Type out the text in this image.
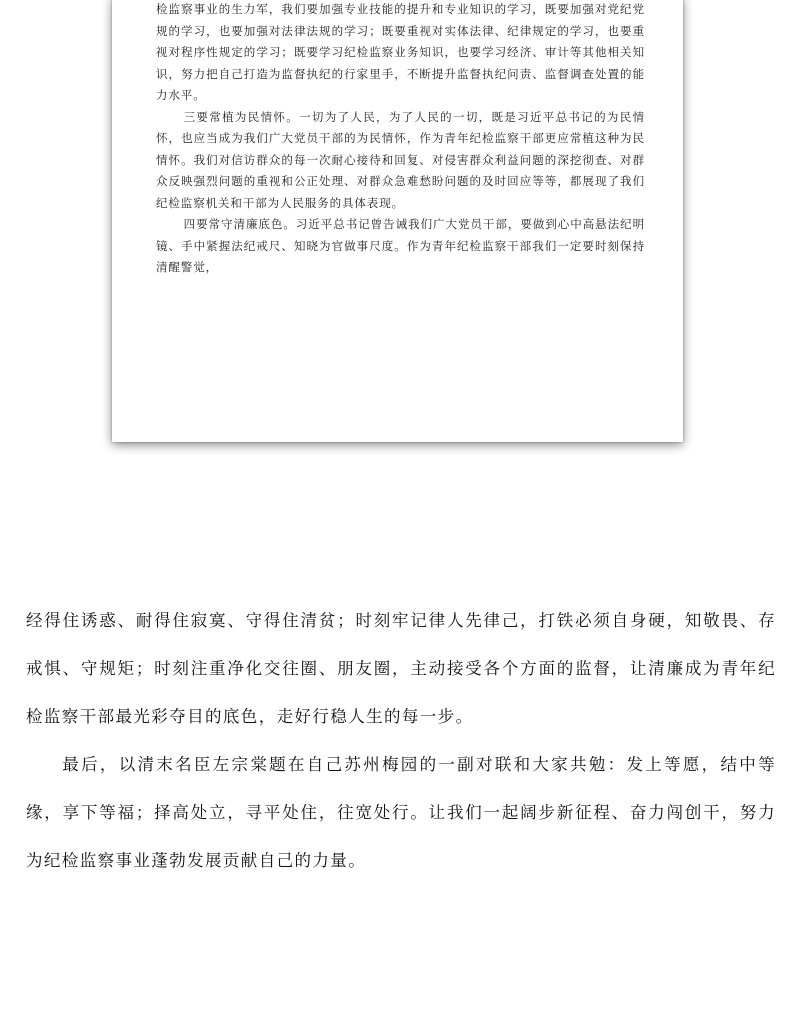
检监察事业的生力军，我们要加强专业技能的提升和专业知识的学习，既要加强对党纪党规的学习，也要加强对法律法规的学习；既要重视对实体法律、纪律规定的学习，也要重视对程序性规定的学习；既要学习纪检监察业务知识，也要学习经济、审计等其他相关知识，努力把自己打造为监督执纪的行家里手，不断提升监督执纪问责、监督调查处置的能力水平。

三要常植为民情怀。一切为了人民，为了人民的一切，既是习近平总书记的为民情怀，也应当成为我们广大党员干部的为民情怀，作为青年纪检监察干部更应常植这种为民情怀。我们对信访群众的每一次耐心接待和回复、对侵害群众利益问题的深挖彻查、对群众反映强烈问题的重视和公正处理、对群众急难愁盼问题的及时回应等等，都展现了我们纪检监察机关和干部为人民服务的具体表现。

四要常守清廉底色。习近平总书记曾告诫我们广大党员干部，要做到心中高悬法纪明镜、手中紧握法纪戒尺、知晓为官做事尺度。作为青年纪检监察干部我们一定要时刻保持清醒警觉，

经得住诱惑、耐得住寂寞、守得住清贫；时刻牢记律人先律己，打铁必须自身硬，知敬畏、存戒惧、守规矩；时刻注重净化交往圈、朋友圈，主动接受各个方面的监督，让清廉成为青年纪检监察干部最光彩夺目的底色，走好行稳人生的每一步。

最后，以清末名臣左宗棠题在自己苏州梅园的一副对联和大家共勉：发上等愿，结中等缘，享下等福；择高处立，寻平处住，往宽处行。让我们一起阔步新征程、奋力闯创干，努力为纪检监察事业蓬勃发展贡献自己的力量。
